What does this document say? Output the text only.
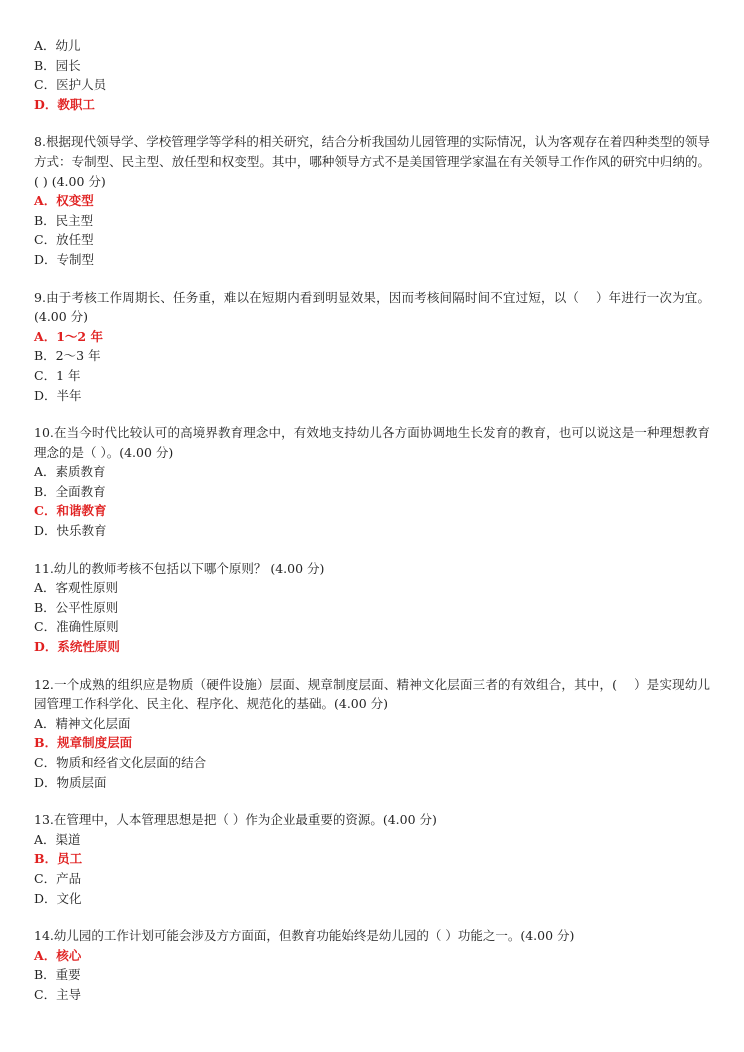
A．幼儿
B．园长
C．医护人员
D．教职工
8.根据现代领导学、学校管理学等学科的相关研究，结合分析我国幼儿园管理的实际情况，认为客观存在着四种类型的领导方式：专制型、民主型、放任型和权变型。其中，哪种领导方式不是美国管理学家温在有关领导工作作风的研究中归纳的。( ) (4.00 分)
A．权变型
B．民主型
C．放任型
D．专制型
9.由于考核工作周期长、任务重，难以在短期内看到明显效果，因而考核间隔时间不宜过短，以（　 ）年进行一次为宜。(4.00 分)
A．1～2 年
B．2～3 年
C．1 年
D．半年
10.在当今时代比较认可的高境界教育理念中，有效地支持幼儿各方面协调地生长发育的教育，也可以说这是一种理想教育理念的是（ ）。(4.00 分)
A．素质教育
B．全面教育
C．和谐教育
D．快乐教育
11.幼儿的教师考核不包括以下哪个原则？ (4.00 分)
A．客观性原则
B．公平性原则
C．准确性原则
D．系统性原则
12.一个成熟的组织应是物质（硬件设施）层面、规章制度层面、精神文化层面三者的有效组合，其中，(　 ）是实现幼儿园管理工作科学化、民主化、程序化、规范化的基础。(4.00 分)
A．精神文化层面
B．规章制度层面
C．物质和经省文化层面的结合
D．物质层面
13.在管理中，人本管理思想是把（ ）作为企业最重要的资源。(4.00 分)
A．渠道
B．员工
C．产品
D．文化
14.幼儿园的工作计划可能会涉及方方面面，但教育功能始终是幼儿园的（ ）功能之一。(4.00 分)
A．核心
B．重要
C．主导
